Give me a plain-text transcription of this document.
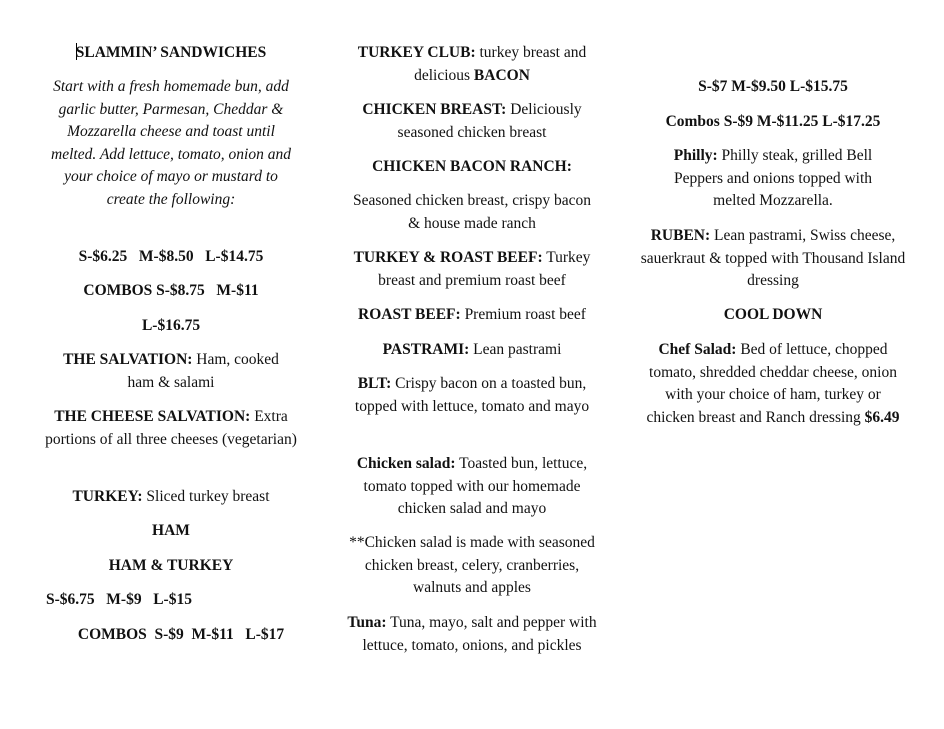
SLAMMIN’ SANDWICHES

Start with a fresh homemade bun, add garlic butter, Parmesan, Cheddar & Mozzarella cheese and toast until melted. Add lettuce, tomato, onion and your choice of mayo or mustard to create the following:

S-$6.25   M-$8.50   L-$14.75

COMBOS S-$8.75   M-$11

L-$16.75

THE SALVATION: Ham, cooked ham & salami

THE CHEESE SALVATION: Extra portions of all three cheeses (vegetarian)

TURKEY: Sliced turkey breast

HAM

HAM & TURKEY

S-$6.75   M-$9   L-$15

COMBOS  S-$9  M-$11   L-$17

TURKEY CLUB: turkey breast and delicious BACON

CHICKEN BREAST: Deliciously seasoned chicken breast

CHICKEN BACON RANCH:

Seasoned chicken breast, crispy bacon & house made ranch

TURKEY & ROAST BEEF: Turkey breast and premium roast beef

ROAST BEEF: Premium roast beef

PASTRAMI: Lean pastrami

BLT: Crispy bacon on a toasted bun, topped with lettuce, tomato and mayo

Chicken salad: Toasted bun, lettuce, tomato topped with our homemade chicken salad and mayo

**Chicken salad is made with seasoned chicken breast, celery, cranberries, walnuts and apples

Tuna: Tuna, mayo, salt and pepper with lettuce, tomato, onions, and pickles

S-$7 M-$9.50 L-$15.75

Combos S-$9 M-$11.25 L-$17.25

Philly: Philly steak, grilled Bell Peppers and onions topped with melted Mozzarella.

RUBEN: Lean pastrami, Swiss cheese, sauerkraut & topped with Thousand Island dressing

COOL DOWN

Chef Salad: Bed of lettuce, chopped tomato, shredded cheddar cheese, onion with your choice of ham, turkey or chicken breast and Ranch dressing $6.49
